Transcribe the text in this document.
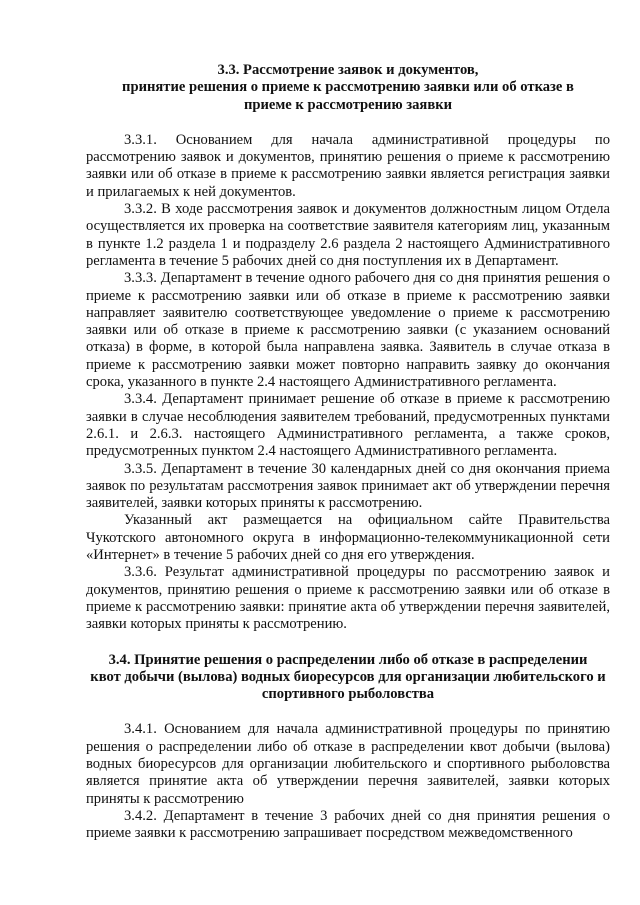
3.3. Рассмотрение заявок и документов,
принятие решения о приеме к рассмотрению заявки или об отказе в
приеме к рассмотрению заявки

3.3.1. Основанием для начала административной процедуры по рассмотрению заявок и документов, принятию решения о приеме к рассмотрению заявки или об отказе в приеме к рассмотрению заявки является регистрация заявки и прилагаемых к ней документов.

3.3.2. В ходе рассмотрения заявок и документов должностным лицом Отдела осуществляется их проверка на соответствие заявителя категориям лиц, указанным в пункте 1.2 раздела 1 и подразделу 2.6 раздела 2 настоящего Административного регламента в течение 5 рабочих дней со дня поступления их в Департамент.

3.3.3. Департамент в течение одного рабочего дня со дня принятия решения о приеме к рассмотрению заявки или об отказе в приеме к рассмотрению заявки направляет заявителю соответствующее уведомление о приеме к рассмотрению заявки или об отказе в приеме к рассмотрению заявки (с указанием оснований отказа) в форме, в которой была направлена заявка. Заявитель в случае отказа в приеме к рассмотрению заявки может повторно направить заявку до окончания срока, указанного в пункте 2.4 настоящего Административного регламента.

3.3.4. Департамент принимает решение об отказе в приеме к рассмотрению заявки в случае несоблюдения заявителем требований, предусмотренных пунктами 2.6.1. и 2.6.3. настоящего Административного регламента, а также сроков, предусмотренных пунктом 2.4 настоящего Административного регламента.

3.3.5. Департамент в течение 30 календарных дней со дня окончания приема заявок по результатам рассмотрения заявок принимает акт об утверждении перечня заявителей, заявки которых приняты к рассмотрению.

Указанный акт размещается на официальном сайте Правительства Чукотского автономного округа в информационно-телекоммуникационной сети «Интернет» в течение 5 рабочих дней со дня его утверждения.

3.3.6. Результат административной процедуры по рассмотрению заявок и документов, принятию решения о приеме к рассмотрению заявки или об отказе в приеме к рассмотрению заявки: принятие акта об утверждении перечня заявителей, заявки которых приняты к рассмотрению.

3.4. Принятие решения о распределении либо об отказе в распределении
квот добычи (вылова) водных биоресурсов для организации любительского и
спортивного рыболовства

3.4.1. Основанием для начала административной процедуры по принятию решения о распределении либо об отказе в распределении квот добычи (вылова) водных биоресурсов для организации любительского и спортивного рыболовства является принятие акта об утверждении перечня заявителей, заявки которых приняты к рассмотрению

3.4.2. Департамент в течение 3 рабочих дней со дня принятия решения о приеме заявки к рассмотрению запрашивает посредством межведомственного
